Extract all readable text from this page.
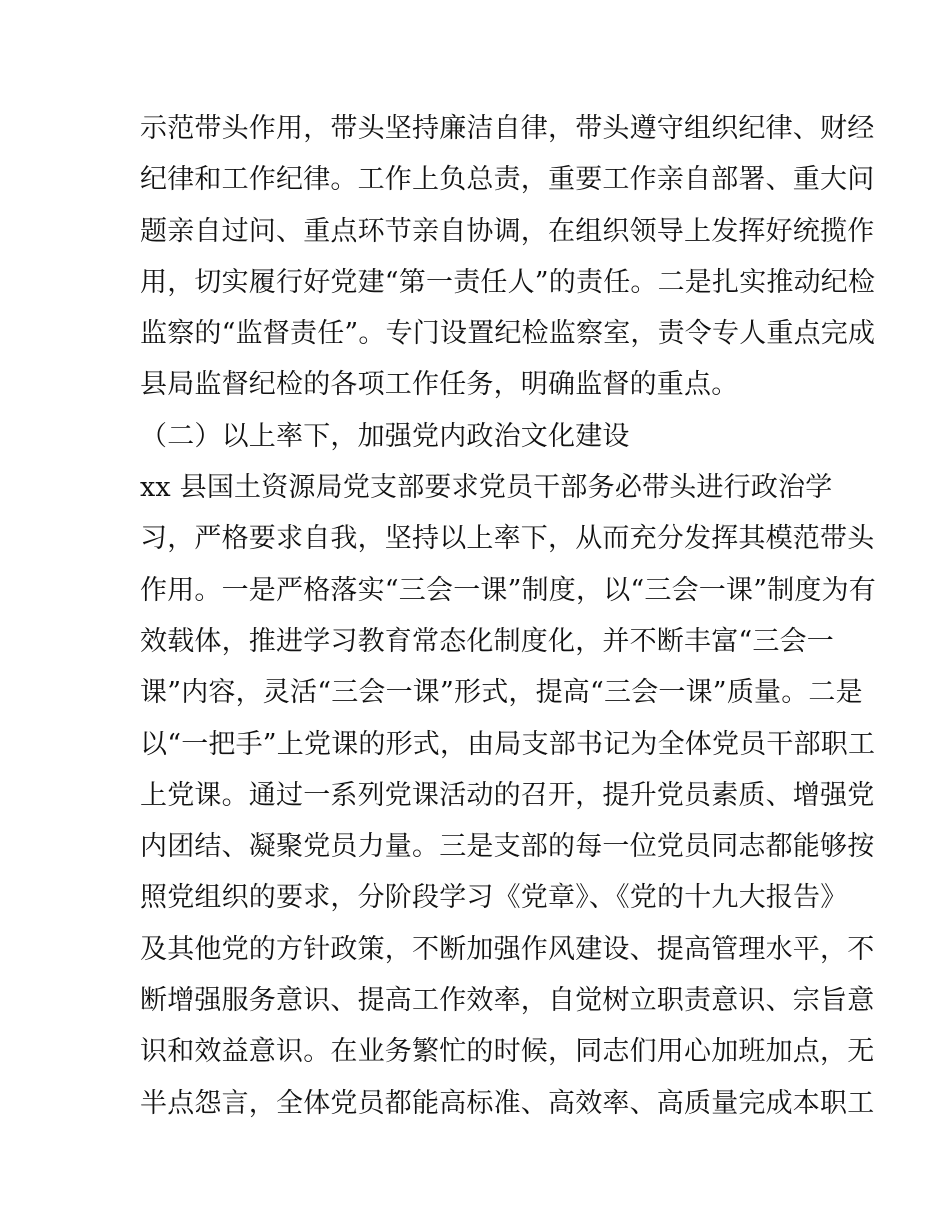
示范带头作用，带头坚持廉洁自律，带头遵守组织纪律、财经
纪律和工作纪律。工作上负总责，重要工作亲自部署、重大问
题亲自过问、重点环节亲自协调，在组织领导上发挥好统揽作
用，切实履行好党建“第一责任人”的责任。二是扎实推动纪检
监察的“监督责任”。专门设置纪检监察室，责令专人重点完成
县局监督纪检的各项工作任务，明确监督的重点。
（二）以上率下，加强党内政治文化建设
xx 县国土资源局党支部要求党员干部务必带头进行政治学
习，严格要求自我，坚持以上率下，从而充分发挥其模范带头
作用。一是严格落实“三会一课”制度，以“三会一课”制度为有
效载体，推进学习教育常态化制度化，并不断丰富“三会一
课”内容，灵活“三会一课”形式，提高“三会一课”质量。二是
以“一把手”上党课的形式，由局支部书记为全体党员干部职工
上党课。通过一系列党课活动的召开，提升党员素质、增强党
内团结、凝聚党员力量。三是支部的每一位党员同志都能够按
照党组织的要求，分阶段学习《党章》、《党的十九大报告》
及其他党的方针政策，不断加强作风建设、提高管理水平，不
断增强服务意识、提高工作效率，自觉树立职责意识、宗旨意
识和效益意识。在业务繁忙的时候，同志们用心加班加点，无
半点怨言，全体党员都能高标准、高效率、高质量完成本职工
